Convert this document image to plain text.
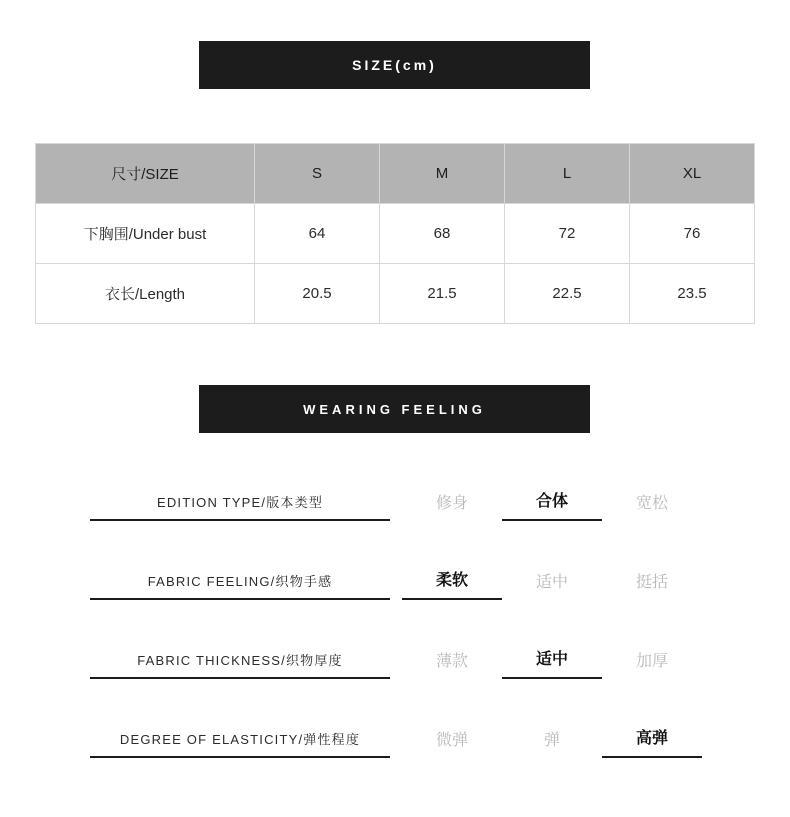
SIZE(cm)
尺寸/SIZE	S	M	L	XL
下胸围/Under bust	64	68	72	76
衣长/Length	20.5	21.5	22.5	23.5
WEARING FEELING
EDITION TYPE/版本类型	修身	合体	宽松
FABRIC FEELING/织物手感	柔软	适中	挺括
FABRIC THICKNESS/织物厚度	薄款	适中	加厚
DEGREE OF ELASTICITY/弹性程度	微弹	弹	高弹
